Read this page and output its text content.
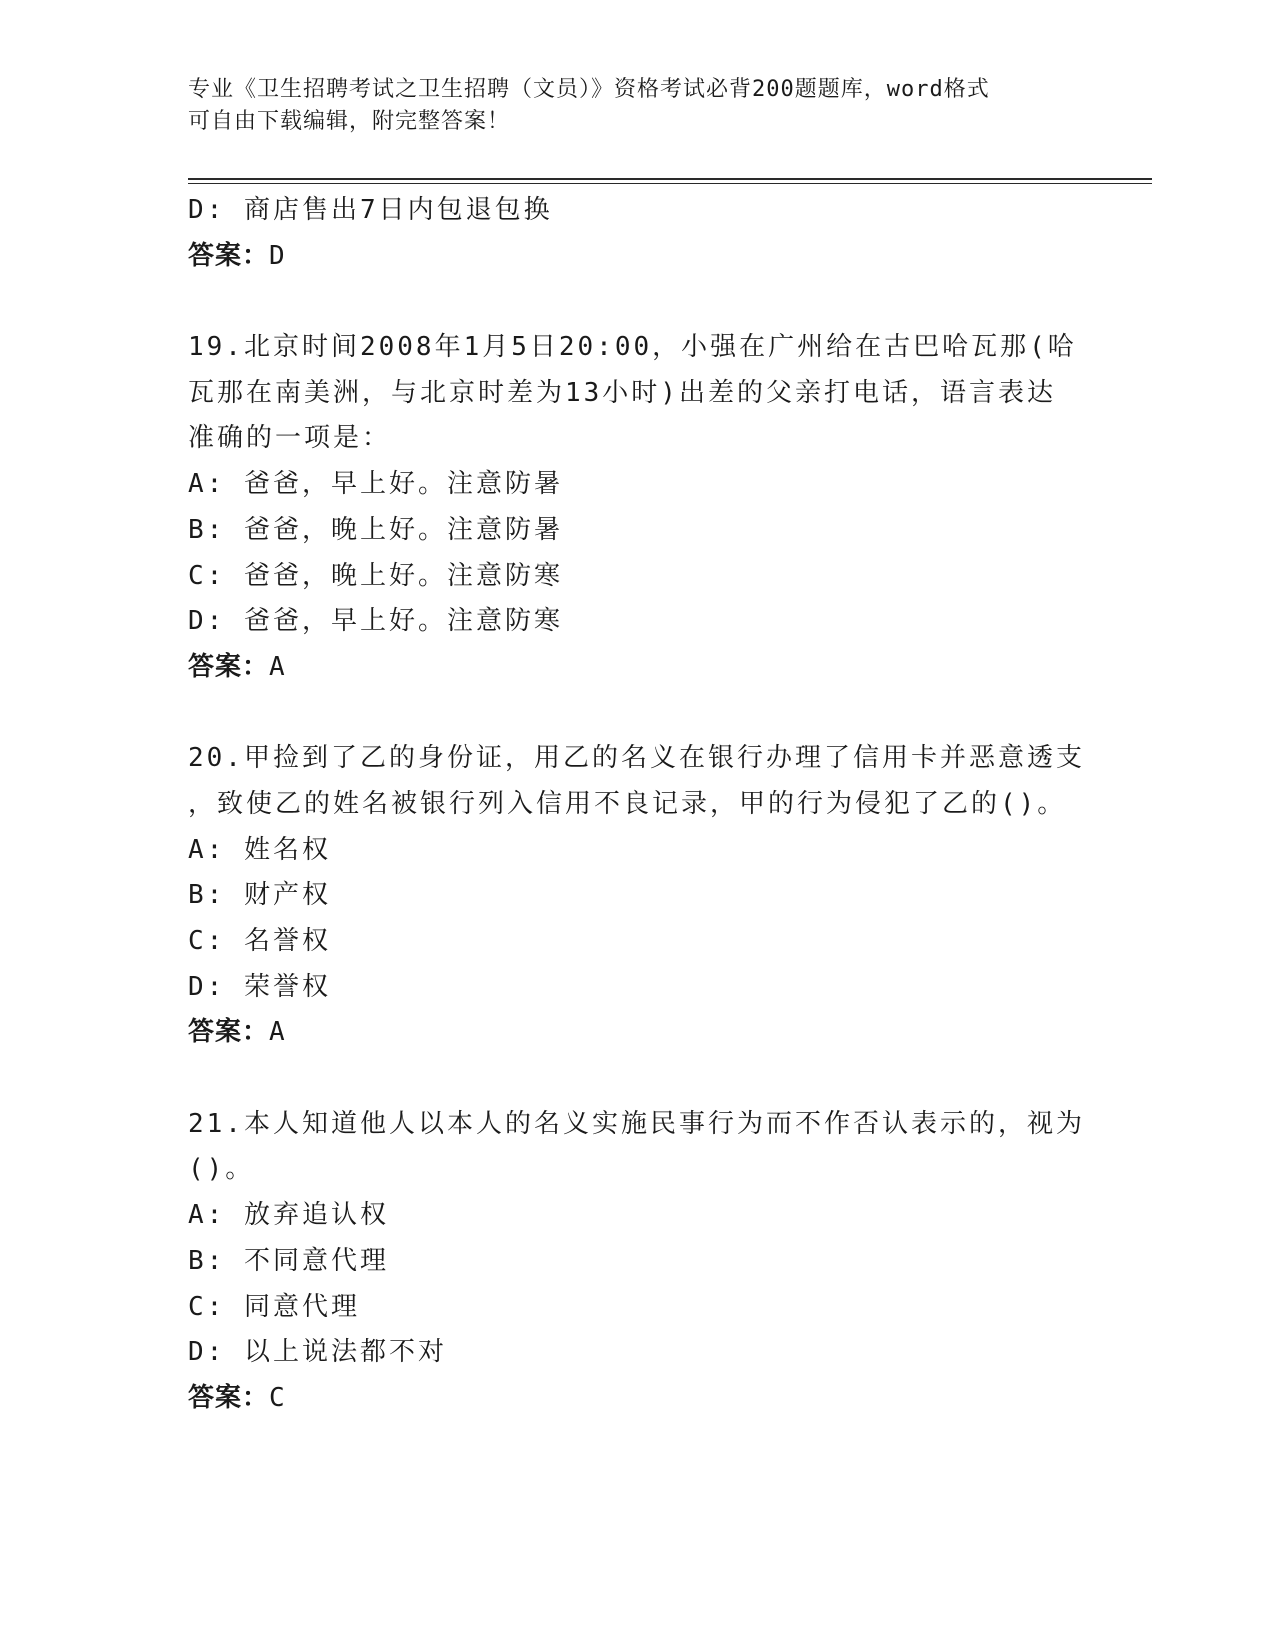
专业《卫生招聘考试之卫生招聘（文员）》资格考试必背200题题库，word格式
可自由下载编辑，附完整答案！
D: 商店售出7日内包退包换
答案：D
19.北京时间2008年1月5日20:00，小强在广州给在古巴哈瓦那(哈
瓦那在南美洲，与北京时差为13小时)出差的父亲打电话，语言表达
准确的一项是：
A: 爸爸，早上好。注意防暑
B: 爸爸，晚上好。注意防暑
C: 爸爸，晚上好。注意防寒
D: 爸爸，早上好。注意防寒
答案：A
20.甲捡到了乙的身份证，用乙的名义在银行办理了信用卡并恶意透支
，致使乙的姓名被银行列入信用不良记录，甲的行为侵犯了乙的()。
A: 姓名权
B: 财产权
C: 名誉权
D: 荣誉权
答案：A
21.本人知道他人以本人的名义实施民事行为而不作否认表示的，视为
()。
A: 放弃追认权
B: 不同意代理
C: 同意代理
D: 以上说法都不对
答案：C
